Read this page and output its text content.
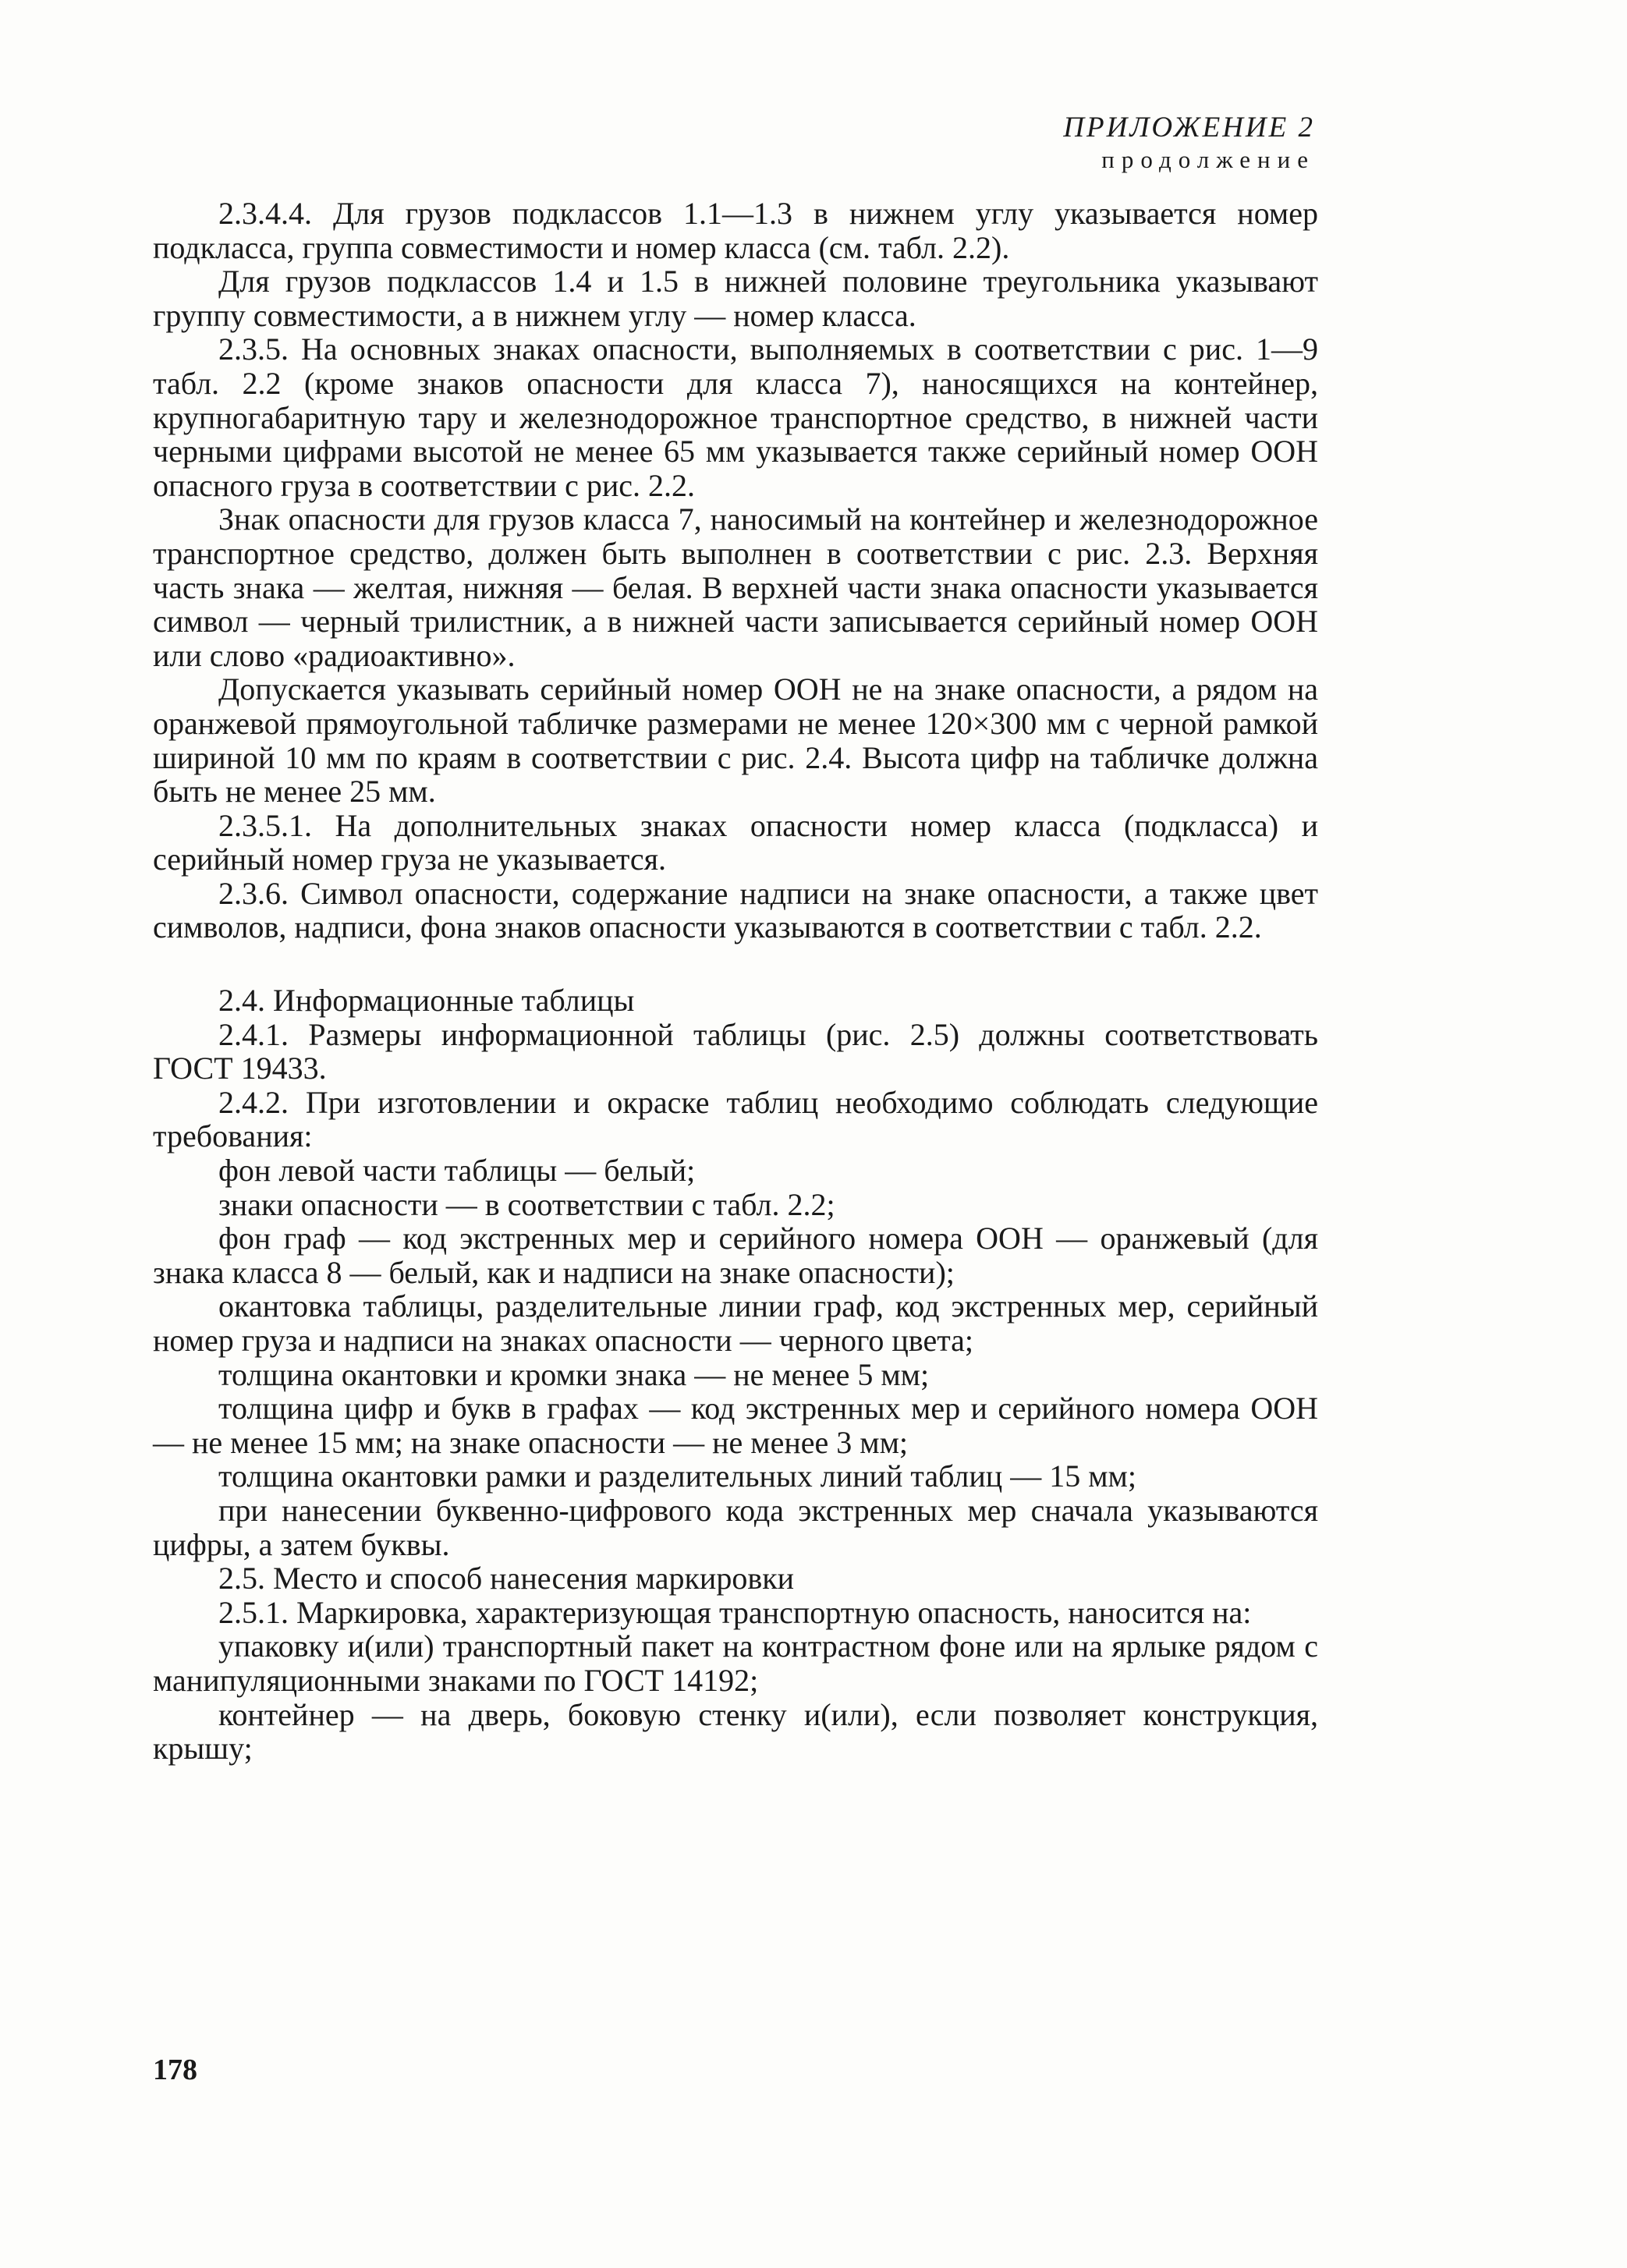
ПРИЛОЖЕНИЕ 2
продолжение

2.3.4.4. Для грузов подклассов 1.1—1.3 в нижнем углу указывается номер подкласса, группа совместимости и номер класса (см. табл. 2.2).

Для грузов подклассов 1.4 и 1.5 в нижней половине треугольника указывают группу совместимости, а в нижнем углу — номер класса.

2.3.5. На основных знаках опасности, выполняемых в соответствии с рис. 1—9 табл. 2.2 (кроме знаков опасности для класса 7), наносящихся на контейнер, крупногабаритную тару и железнодорожное транспортное средство, в нижней части черными цифрами высотой не менее 65 мм указывается также серийный номер ООН опасного груза в соответствии с рис. 2.2.

Знак опасности для грузов класса 7, наносимый на контейнер и железнодорожное транспортное средство, должен быть выполнен в соответствии с рис. 2.3. Верхняя часть знака — желтая, нижняя — белая. В верхней части знака опасности указывается символ — черный трилистник, а в нижней части записывается серийный номер ООН или слово «радиоактивно».

Допускается указывать серийный номер ООН не на знаке опасности, а рядом на оранжевой прямоугольной табличке размерами не менее 120×300 мм с черной рамкой шириной 10 мм по краям в соответствии с рис. 2.4. Высота цифр на табличке должна быть не менее 25 мм.

2.3.5.1. На дополнительных знаках опасности номер класса (подкласса) и серийный номер груза не указывается.

2.3.6. Символ опасности, содержание надписи на знаке опасности, а также цвет символов, надписи, фона знаков опасности указываются в соответствии с табл. 2.2.

2.4. Информационные таблицы

2.4.1. Размеры информационной таблицы (рис. 2.5) должны соответствовать ГОСТ 19433.

2.4.2. При изготовлении и окраске таблиц необходимо соблюдать следующие требования:

фон левой части таблицы — белый;

знаки опасности — в соответствии с табл. 2.2;

фон граф — код экстренных мер и серийного номера ООН — оранжевый (для знака класса 8 — белый, как и надписи на знаке опасности);

окантовка таблицы, разделительные линии граф, код экстренных мер, серийный номер груза и надписи на знаках опасности — черного цвета;

толщина окантовки и кромки знака — не менее 5 мм;

толщина цифр и букв в графах — код экстренных мер и серийного номера ООН — не менее 15 мм; на знаке опасности — не менее 3 мм;

толщина окантовки рамки и разделительных линий таблиц — 15 мм;

при нанесении буквенно-цифрового кода экстренных мер сначала указываются цифры, а затем буквы.

2.5. Место и способ нанесения маркировки

2.5.1. Маркировка, характеризующая транспортную опасность, наносится на:

упаковку и(или) транспортный пакет на контрастном фоне или на ярлыке рядом с манипуляционными знаками по ГОСТ 14192;

контейнер — на дверь, боковую стенку и(или), если позволяет конструкция, крышу;

178
